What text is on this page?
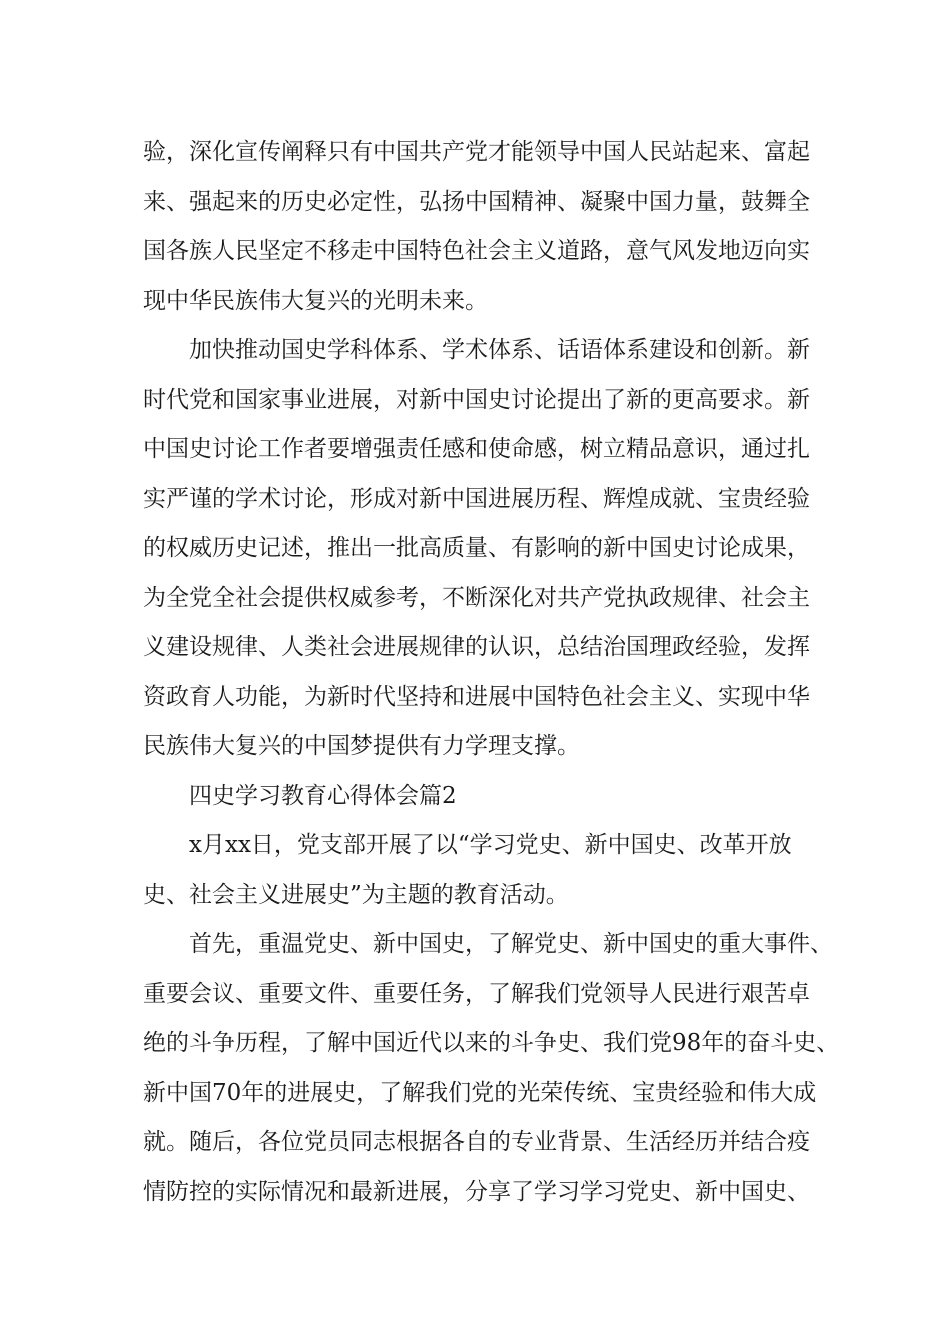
验，深化宣传阐释只有中国共产党才能领导中国人民站起来、富起
来、强起来的历史必定性，弘扬中国精神、凝聚中国力量，鼓舞全
国各族人民坚定不移走中国特色社会主义道路，意气风发地迈向实
现中华民族伟大复兴的光明未来。
加快推动国史学科体系、学术体系、话语体系建设和创新。新
时代党和国家事业进展，对新中国史讨论提出了新的更高要求。新
中国史讨论工作者要增强责任感和使命感，树立精品意识，通过扎
实严谨的学术讨论，形成对新中国进展历程、辉煌成就、宝贵经验
的权威历史记述，推出一批高质量、有影响的新中国史讨论成果，
为全党全社会提供权威参考，不断深化对共产党执政规律、社会主
义建设规律、人类社会进展规律的认识，总结治国理政经验，发挥
资政育人功能，为新时代坚持和进展中国特色社会主义、实现中华
民族伟大复兴的中国梦提供有力学理支撑。
四史学习教育心得体会篇2
x月xx日，党支部开展了以“学习党史、新中国史、改革开放
史、社会主义进展史”为主题的教育活动。
首先，重温党史、新中国史，了解党史、新中国史的重大事件、
重要会议、重要文件、重要任务，了解我们党领导人民进行艰苦卓
绝的斗争历程，了解中国近代以来的斗争史、我们党98年的奋斗史、
新中国70年的进展史，了解我们党的光荣传统、宝贵经验和伟大成
就。随后，各位党员同志根据各自的专业背景、生活经历并结合疫
情防控的实际情况和最新进展，分享了学习学习党史、新中国史、
